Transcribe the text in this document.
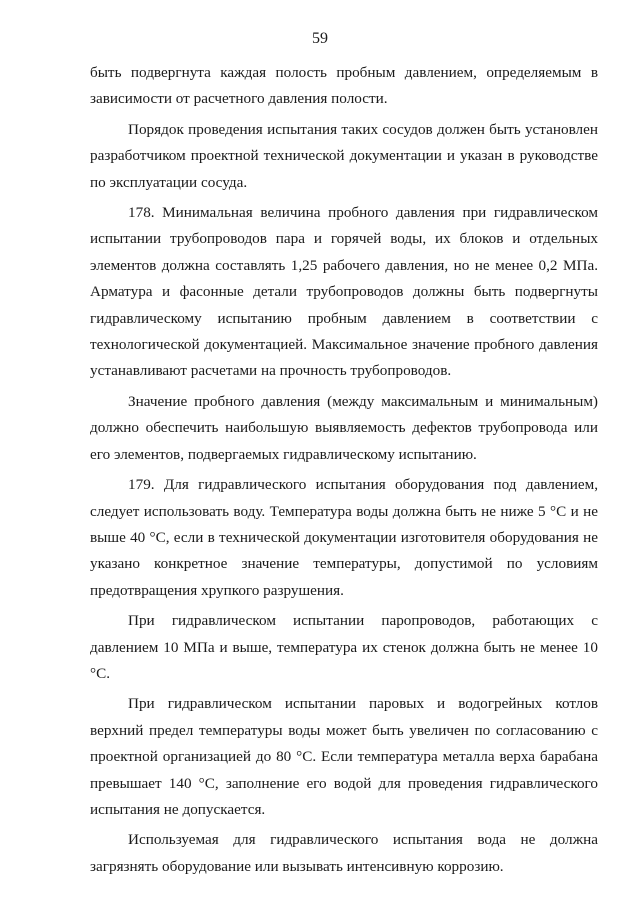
59

быть подвергнута каждая полость пробным давлением, определяемым в зависимости от расчетного давления полости.

Порядок проведения испытания таких сосудов должен быть установлен разработчиком проектной технической документации и указан в руководстве по эксплуатации сосуда.

178. Минимальная величина пробного давления при гидравлическом испытании трубопроводов пара и горячей воды, их блоков и отдельных элементов должна составлять 1,25 рабочего давления, но не менее 0,2 МПа. Арматура и фасонные детали трубопроводов должны быть подвергнуты гидравлическому испытанию пробным давлением в соответствии с технологической документацией. Максимальное значение пробного давления устанавливают расчетами на прочность трубопроводов.

Значение пробного давления (между максимальным и минимальным) должно обеспечить наибольшую выявляемость дефектов трубопровода или его элементов, подвергаемых гидравлическому испытанию.

179. Для гидравлического испытания оборудования под давлением, следует использовать воду. Температура воды должна быть не ниже 5 °C и не выше 40 °C, если в технической документации изготовителя оборудования не указано конкретное значение температуры, допустимой по условиям предотвращения хрупкого разрушения.

При гидравлическом испытании паропроводов, работающих с давлением 10 МПа и выше, температура их стенок должна быть не менее 10 °C.

При гидравлическом испытании паровых и водогрейных котлов верхний предел температуры воды может быть увеличен по согласованию с проектной организацией до 80 °C. Если температура металла верха барабана превышает 140 °C, заполнение его водой для проведения гидравлического испытания не допускается.

Используемая для гидравлического испытания вода не должна загрязнять оборудование или вызывать интенсивную коррозию.
